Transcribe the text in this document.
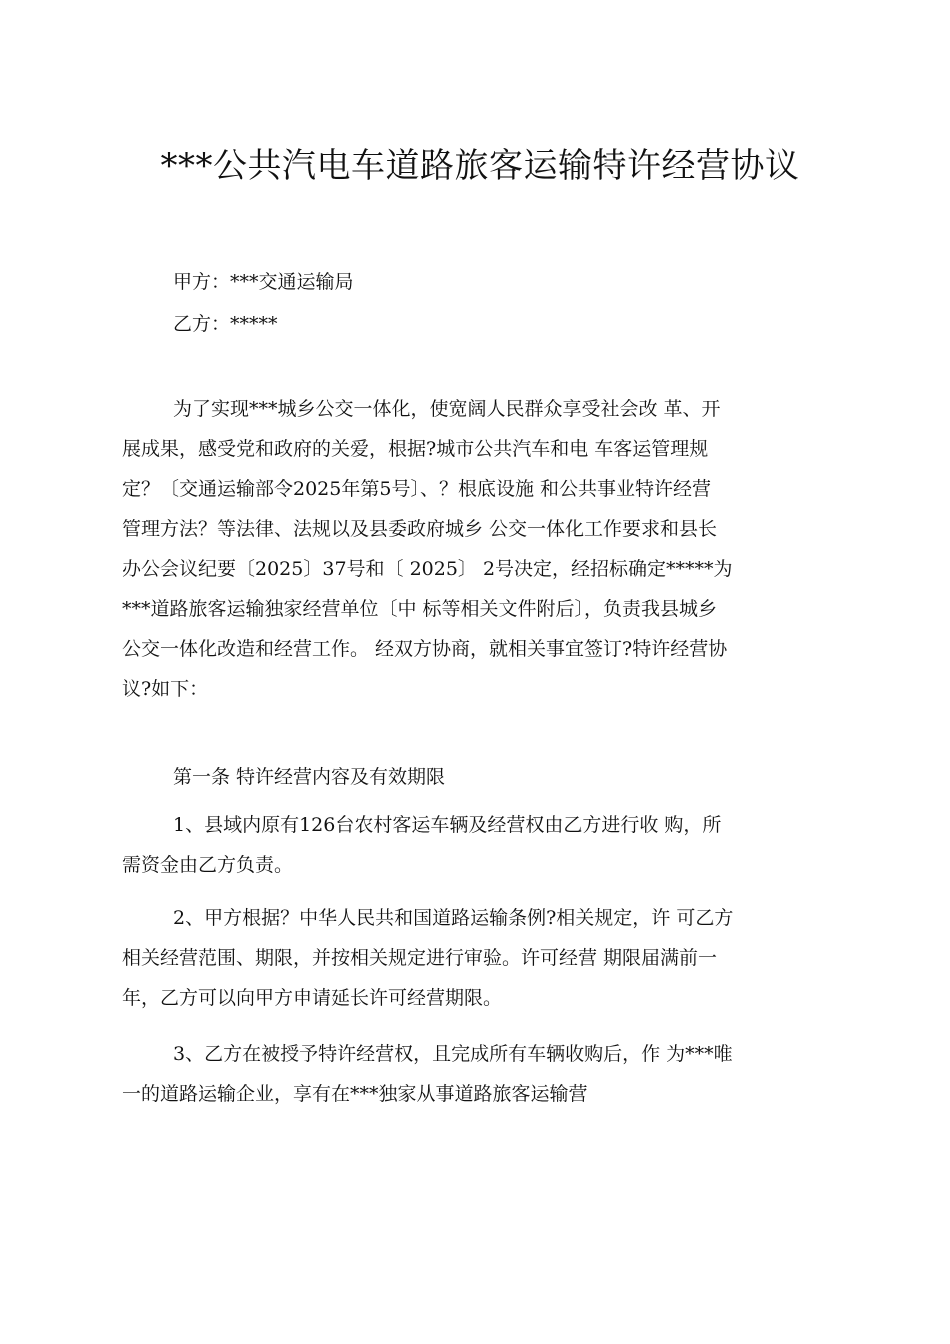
***公共汽电车道路旅客运输特许经营协议
甲方：***交通运输局
乙方：*****
为了实现***城乡公交一体化，使宽阔人民群众享受社会改 革、开
展成果，感受党和政府的关爱，根据?城市公共汽车和电 车客运管理规
定？〔交通运输部令2025年第5号〕、？根底设施 和公共事业特许经营
管理方法？等法律、法规以及县委政府城乡 公交一体化工作要求和县长
办公会议纪要〔2025〕37号和〔 2025〕 2号决定，经招标确定*****为
***道路旅客运输独家经营单位〔中 标等相关文件附后〕，负责我县城乡
公交一体化改造和经营工作。 经双方协商，就相关事宜签订?特许经营协
议?如下：
第一条 特许经营内容及有效期限
1、县域内原有126台农村客运车辆及经营权由乙方进行收 购，所
需资金由乙方负责。
2、甲方根据？中华人民共和国道路运输条例?相关规定，许 可乙方
相关经营范围、期限，并按相关规定进行审验。许可经营 期限届满前一
年，乙方可以向甲方申请延长许可经营期限。
3、乙方在被授予特许经营权，且完成所有车辆收购后，作 为***唯
一的道路运输企业，享有在***独家从事道路旅客运输营
